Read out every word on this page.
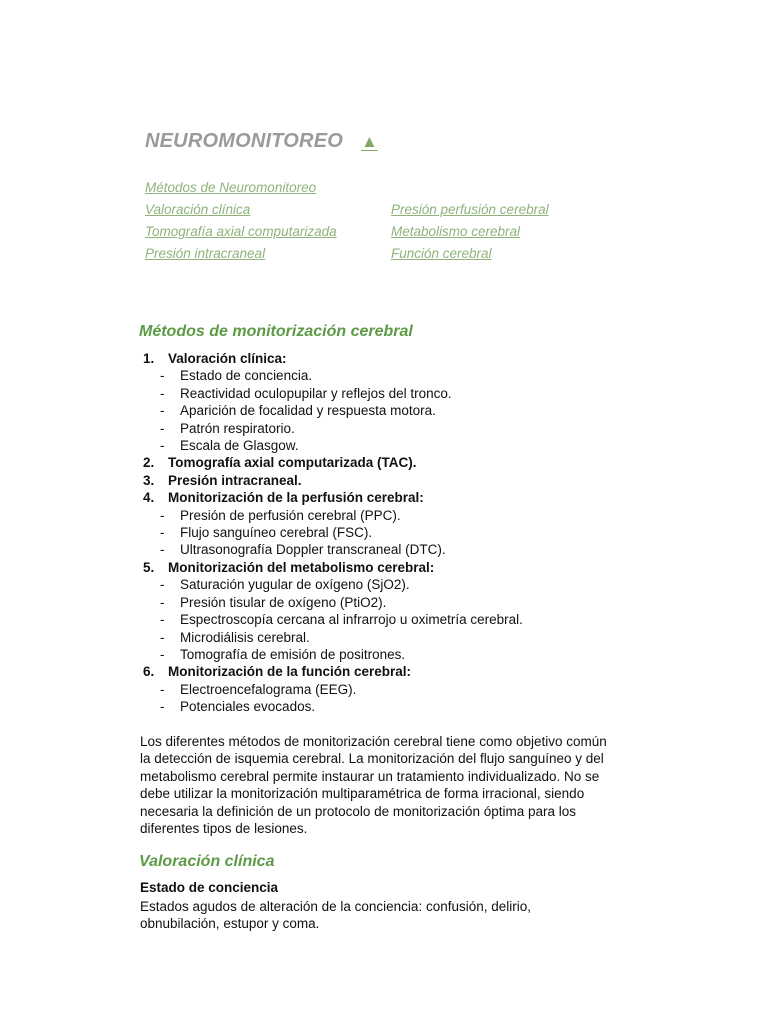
NEUROMONITOREO ▲
Métodos de Neuromonitoreo
Valoración clínica
Tomografía axial computarizada
Presión intracraneal
Presión perfusión cerebral
Metabolismo cerebral
Función cerebral
Métodos de monitorización cerebral
1.	Valoración clínica:
-	Estado de conciencia.
-	Reactividad oculopupilar y reflejos del tronco.
-	Aparición de focalidad y respuesta motora.
-	Patrón respiratorio.
-	Escala de Glasgow.
2.	Tomografía axial computarizada (TAC).
3.	Presión intracraneal.
4.	Monitorización de la perfusión cerebral:
-	Presión de perfusión cerebral (PPC).
-	Flujo sanguíneo cerebral (FSC).
-	Ultrasonografía Doppler transcraneal (DTC).
5.	Monitorización del metabolismo cerebral:
-	Saturación yugular de oxígeno (SjO2).
-	Presión tisular de oxígeno (PtiO2).
-	Espectroscopía cercana al infrarrojo u oximetría cerebral.
-	Microdiálisis cerebral.
-	Tomografía de emisión de positrones.
6.	Monitorización de la función cerebral:
-	Electroencefalograma (EEG).
-	Potenciales evocados.
Los diferentes métodos de monitorización cerebral tiene como objetivo común la detección de isquemia cerebral. La monitorización del flujo sanguíneo y del metabolismo cerebral permite instaurar un tratamiento individualizado. No se debe utilizar la monitorización multiparamétrica de forma irracional, siendo necesaria la definición de un protocolo de monitorización óptima para los diferentes tipos de lesiones.
Valoración clínica
Estado de conciencia
Estados agudos de alteración de la conciencia: confusión, delirio, obnubilación, estupor y coma.
